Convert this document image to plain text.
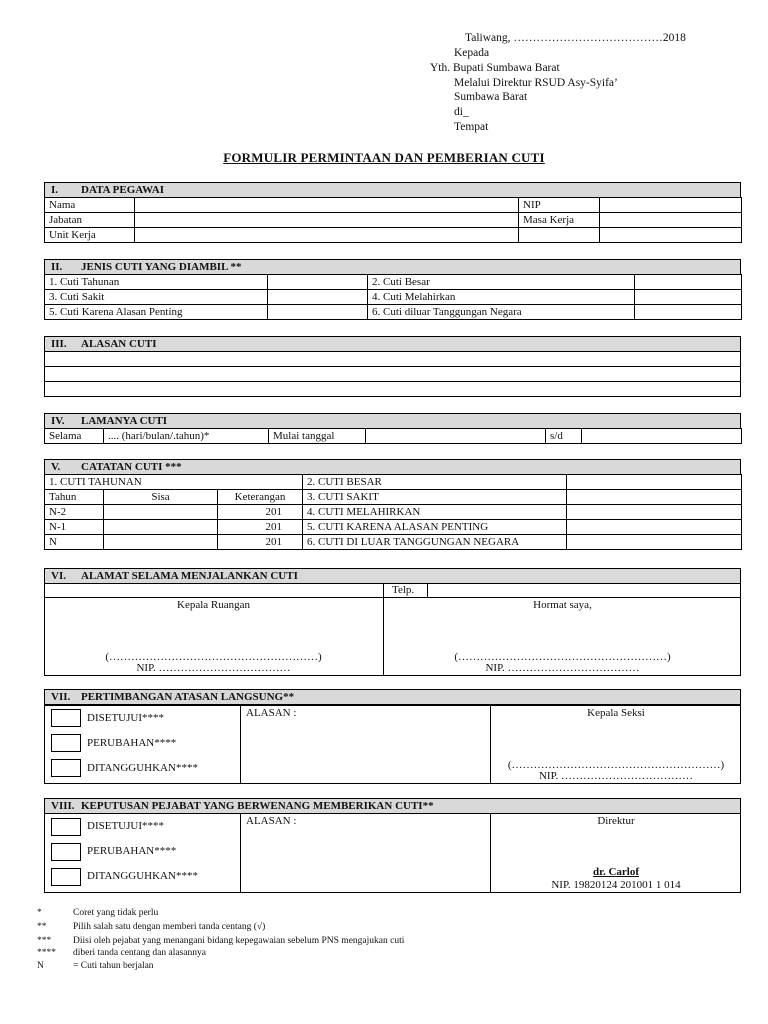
Taliwang, …………………………………2018
Kepada
Yth. Bupati Sumbawa Barat
Melalui Direktur RSUD Asy-Syifa’
Sumbawa Barat
di_
Tempat
FORMULIR PERMINTAAN DAN PEMBERIAN CUTI
I. DATA PEGAWAI
Nama		NIP	
Jabatan		Masa Kerja	
Unit Kerja			
II. JENIS CUTI YANG DIAMBIL **
1. Cuti Tahunan		2. Cuti Besar	
3. Cuti Sakit		4. Cuti Melahirkan	
5. Cuti Karena Alasan Penting		6. Cuti diluar Tanggungan Negara	
III. ALASAN CUTI

IV. LAMANYA CUTI
Selama	.... (hari/bulan/.tahun)*	Mulai tanggal		s/d	
V. CATATAN CUTI ***
1. CUTI TAHUNAN			2. CUTI BESAR	
Tahun	Sisa	Keterangan	3. CUTI SAKIT	
N-2		201	4. CUTI MELAHIRKAN	
N-1		201	5. CUTI KARENA ALASAN PENTING	
N		201	6. CUTI DI LUAR TANGGUNGAN NEGARA	
VI. ALAMAT SELAMA MENJALANKAN CUTI
Telp.
Kepala Ruangan	Hormat saya,
(…………………………………………………)
NIP. ………………………………
(…………………………………………………)
NIP. ………………………………
VII. PERTIMBANGAN ATASAN LANGSUNG**
DISETUJUI****
PERUBAHAN****
DITANGGUHKAN****
ALASAN :	Kepala Seksi
(…………………………………………………)
NIP. ………………………………
VIII. KEPUTUSAN PEJABAT YANG BERWENANG MEMBERIKAN CUTI**
DISETUJUI****
PERUBAHAN****
DITANGGUHKAN****
ALASAN :	Direktur
dr. Carlof
NIP. 19820124 201001 1 014
*	Coret yang tidak perlu
**	Pilih salah satu dengan memberi tanda centang (√)
*** Diisi oleh pejabat yang menangani bidang kepegawaian sebelum PNS mengajukan cuti
**** diberi tanda centang dan alasannya
N	= Cuti tahun berjalan
